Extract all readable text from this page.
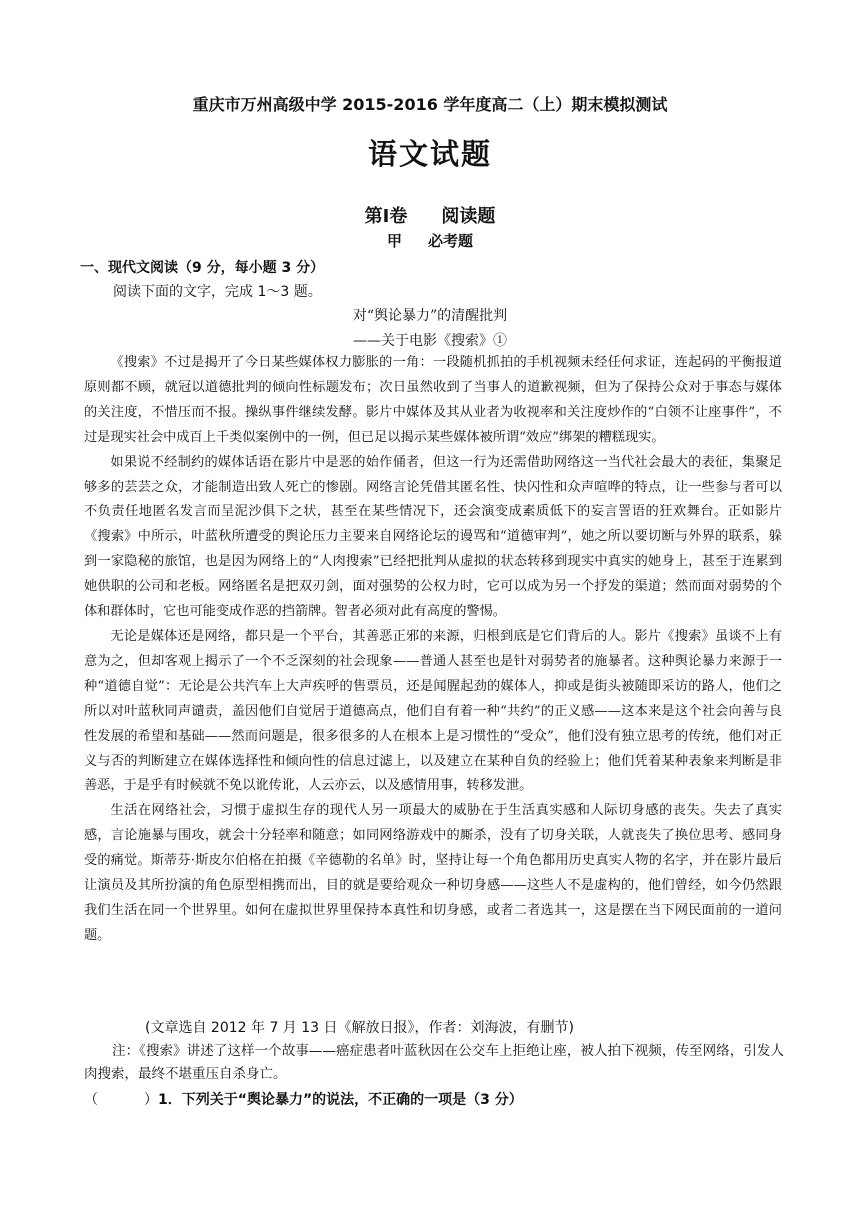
重庆市万州高级中学 2015-2016 学年度高二（上）期末模拟测试
语文试题
第Ⅰ卷 阅读题
甲 必考题
一、现代文阅读（9 分，每小题 3 分）
阅读下面的文字，完成 1～3 题。
对“舆论暴力”的清醒批判
——关于电影《搜索》①

《搜索》不过是揭开了今日某些媒体权力膨胀的一角：一段随机抓拍的手机视频未经任何求证，连起码的平衡报道原则都不顾，就冠以道德批判的倾向性标题发布；次日虽然收到了当事人的道歉视频，但为了保持公众对于事态与媒体的关注度，不惜压而不报。操纵事件继续发酵。影片中媒体及其从业者为收视率和关注度炒作的“白领不让座事件”，不过是现实社会中成百上千类似案例中的一例，但已足以揭示某些媒体被所谓“效应”绑架的糟糕现实。

如果说不经制约的媒体话语在影片中是恶的始作俑者，但这一行为还需借助网络这一当代社会最大的表征，集聚足够多的芸芸之众，才能制造出致人死亡的惨剧。网络言论凭借其匿名性、快闪性和众声喧哗的特点，让一些参与者可以不负责任地匿名发言而呈泥沙俱下之状，甚至在某些情况下，还会演变成素质低下的妄言詈语的狂欢舞台。正如影片《搜索》中所示，叶蓝秋所遭受的舆论压力主要来自网络论坛的谩骂和“道德审判”，她之所以要切断与外界的联系，躲到一家隐秘的旅馆，也是因为网络上的“人肉搜索”已经把批判从虚拟的状态转移到现实中真实的她身上，甚至于连累到她供职的公司和老板。网络匿名是把双刃剑，面对强势的公权力时，它可以成为另一个抒发的渠道；然而面对弱势的个体和群体时，它也可能变成作恶的挡箭牌。智者必须对此有高度的警惕。

无论是媒体还是网络，都只是一个平台，其善恶正邪的来源，归根到底是它们背后的人。影片《搜索》虽谈不上有意为之，但却客观上揭示了一个不乏深刻的社会现象——普通人甚至也是针对弱势者的施暴者。这种舆论暴力来源于一种“道德自觉”：无论是公共汽车上大声疾呼的售票员，还是闻腥起劲的媒体人，抑或是街头被随即采访的路人，他们之所以对叶蓝秋同声谴责，盖因他们自觉居于道德高点，他们自有着一种“共约”的正义感——这本来是这个社会向善与良性发展的希望和基础——然而问题是，很多很多的人在根本上是习惯性的“受众”，他们没有独立思考的传统，他们对正义与否的判断建立在媒体选择性和倾向性的信息过滤上，以及建立在某种自负的经验上；他们凭着某种表象来判断是非善恶，于是乎有时候就不免以讹传讹，人云亦云，以及感情用事，转移发泄。

生活在网络社会，习惯于虚拟生存的现代人另一项最大的威胁在于生活真实感和人际切身感的丧失。失去了真实感，言论施暴与围攻，就会十分轻率和随意；如同网络游戏中的厮杀，没有了切身关联，人就丧失了换位思考、感同身受的痛觉。斯蒂芬·斯皮尔伯格在拍摄《辛德勒的名单》时，坚持让每一个角色都用历史真实人物的名字，并在影片最后让演员及其所扮演的角色原型相携而出，目的就是要给观众一种切身感——这些人不是虚构的，他们曾经，如今仍然跟我们生活在同一个世界里。如何在虚拟世界里保持本真性和切身感，或者二者选其一，这是摆在当下网民面前的一道问题。

(文章选自 2012 年 7 月 13 日《解放日报》，作者：刘海波，有删节)
注：《搜索》讲述了这样一个故事——癌症患者叶蓝秋因在公交车上拒绝让座，被人拍下视频，传至网络，引发人肉搜索，最终不堪重压自杀身亡。
（	）1．下列关于“舆论暴力”的说法，不正确的一项是（3 分）
